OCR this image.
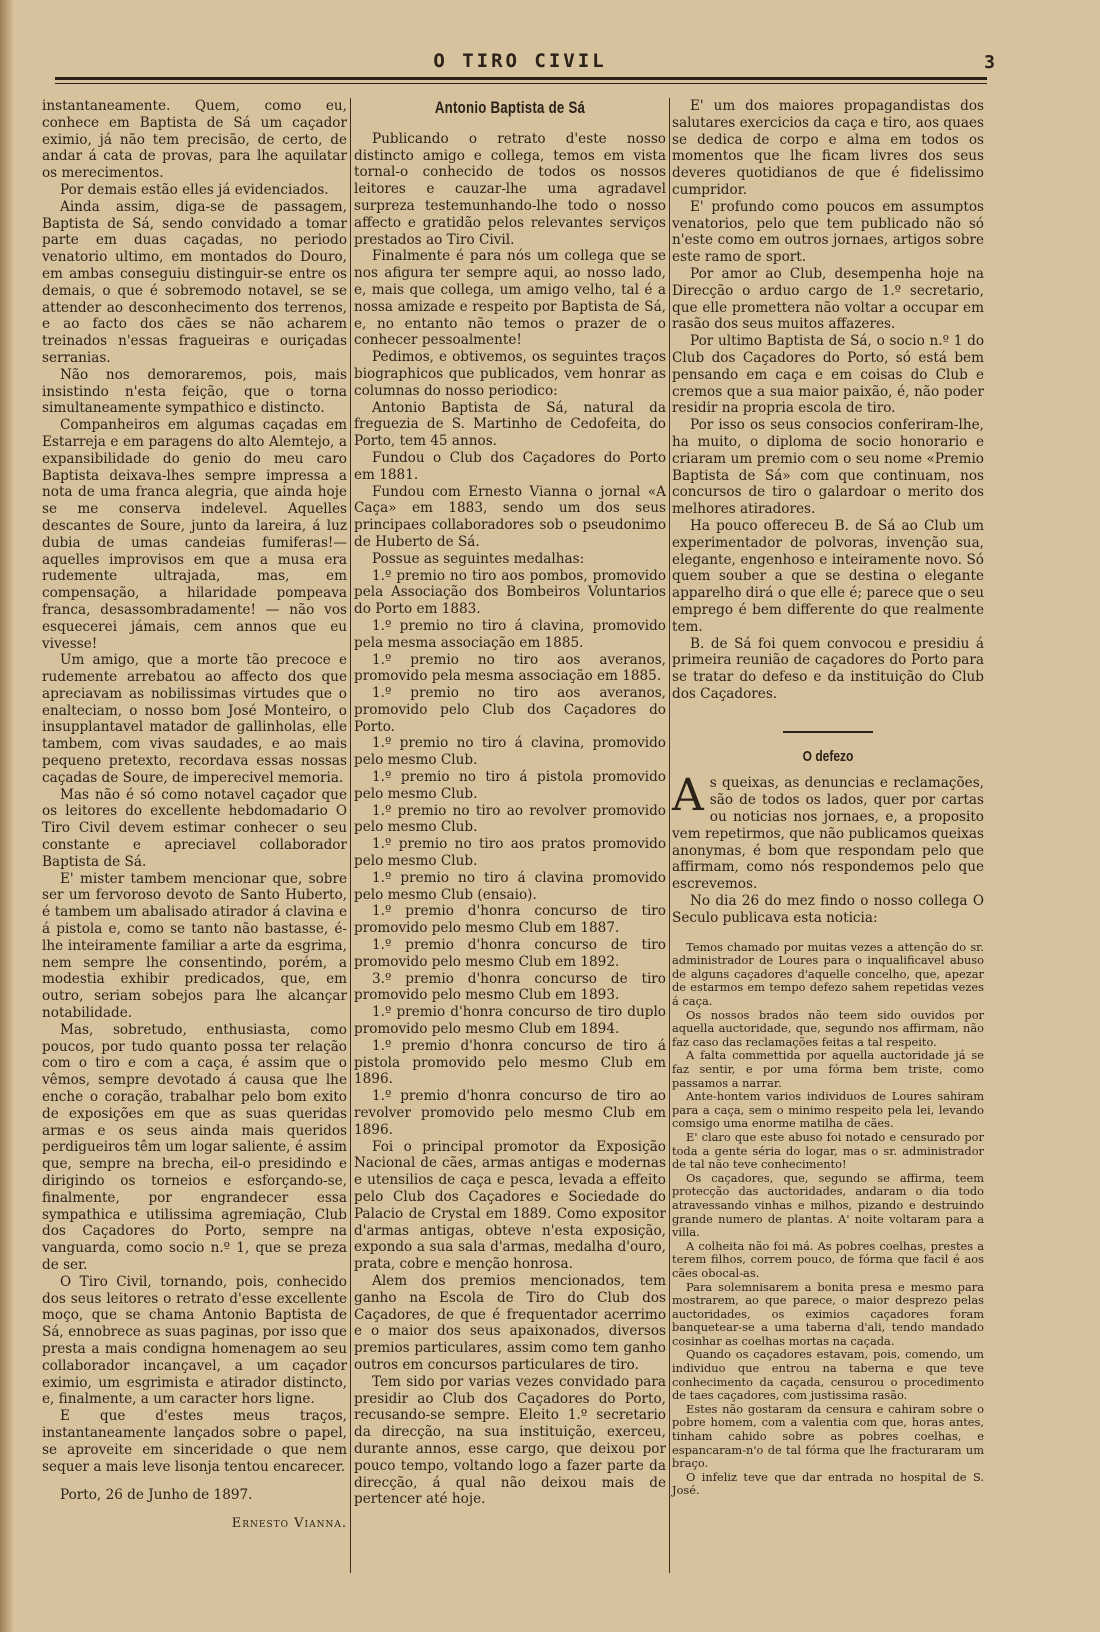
O TIRO CIVIL	3

instantaneamente. Quem, como eu, conhece em Baptista de Sá um caçador eximio, já não tem precisão, de certo, de andar á cata de provas, para lhe aquilatar os merecimentos.

Por demais estão elles já evidenciados.

Ainda assim, diga-se de passagem, Baptista de Sá, sendo convidado a tomar parte em duas caçadas, no periodo venatorio ultimo, em montados do Douro, em ambas conseguiu distinguir-se entre os demais, o que é sobremodo notavel, se se attender ao desconhecimento dos terrenos, e ao facto dos cães se não acharem treinados n'essas fragueiras e ouriçadas serranias.

Não nos demoraremos, pois, mais insistindo n'esta feição, que o torna simultaneamente sympathico e distincto.

Companheiros em algumas caçadas em Estarreja e em paragens do alto Alemtejo, a expansibilidade do genio do meu caro Baptista deixava-lhes sempre impressa a nota de uma franca alegria, que ainda hoje se me conserva indelevel. Aquelles descantes de Soure, junto da lareira, á luz dubia de umas candeias fumiferas!—aquelles improvisos em que a musa era rudemente ultrajada, mas, em compensação, a hilaridade pompeava franca, desassombradamente! — não vos esquecerei jámais, cem annos que eu vivesse!

Um amigo, que a morte tão precoce e rudemente arrebatou ao affecto dos que apreciavam as nobilissimas virtudes que o enalteciam, o nosso bom José Monteiro, o insupplantavel matador de gallinholas, elle tambem, com vivas saudades, e ao mais pequeno pretexto, recordava essas nossas caçadas de Soure, de imperecivel memoria.

Mas não é só como notavel caçador que os leitores do excellente hebdomadario O Tiro Civil devem estimar conhecer o seu constante e apreciavel collaborador Baptista de Sá.

E' mister tambem mencionar que, sobre ser um fervoroso devoto de Santo Huberto, é tambem um abalisado atirador á clavina e á pistola e, como se tanto não bastasse, é-lhe inteiramente familiar a arte da esgrima, nem sempre lhe consentindo, porém, a modestia exhibir predicados, que, em outro, seriam sobejos para lhe alcançar notabilidade.

Mas, sobretudo, enthusiasta, como poucos, por tudo quanto possa ter relação com o tiro e com a caça, é assim que o vêmos, sempre devotado á causa que lhe enche o coração, trabalhar pelo bom exito de exposições em que as suas queridas armas e os seus ainda mais queridos perdigueiros têm um logar saliente, é assim que, sempre na brecha, eil-o presidindo e dirigindo os torneios e esforçando-se, finalmente, por engrandecer essa sympathica e utilissima agremiação, Club dos Caçadores do Porto, sempre na vanguarda, como socio n.º 1, que se preza de ser.

O Tiro Civil, tornando, pois, conhecido dos seus leitores o retrato d'esse excellente moço, que se chama Antonio Baptista de Sá, ennobrece as suas paginas, por isso que presta a mais condigna homenagem ao seu collaborador incançavel, a um caçador eximio, um esgrimista e atirador distincto, e, finalmente, a um caracter hors ligne.

E que d'estes meus traços, instantaneamente lançados sobre o papel, se aproveite em sinceridade o que nem sequer a mais leve lisonja tentou encarecer.

Porto, 26 de Junho de 1897.

Ernesto Vianna.
Antonio Baptista de Sá

Publicando o retrato d'este nosso distincto amigo e collega, temos em vista tornal-o conhecido de todos os nossos leitores e cauzar-lhe uma agradavel surpreza testemunhando-lhe todo o nosso affecto e gratidão pelos relevantes serviços prestados ao Tiro Civil.

Finalmente é para nós um collega que se nos afigura ter sempre aqui, ao nosso lado, e, mais que collega, um amigo velho, tal é a nossa amizade e respeito por Baptista de Sá, e, no entanto não temos o prazer de o conhecer pessoalmente!

Pedimos, e obtivemos, os seguintes traços biographicos que publicados, vem honrar as columnas do nosso periodico:

Antonio Baptista de Sá, natural da freguezia de S. Martinho de Cedofeita, do Porto, tem 45 annos.

Fundou o Club dos Caçadores do Porto em 1881.

Fundou com Ernesto Vianna o jornal «A Caça» em 1883, sendo um dos seus principaes collaboradores sob o pseudonimo de Huberto de Sá.

Possue as seguintes medalhas:

1.º premio no tiro aos pombos, promovido pela Associação dos Bombeiros Voluntarios do Porto em 1883.

1.º premio no tiro á clavina, promovido pela mesma associação em 1885.

1.º premio no tiro aos averanos, promovido pela mesma associação em 1885.

1.º premio no tiro aos averanos, promovido pelo Club dos Caçadores do Porto.

1.º premio no tiro á clavina, promovido pelo mesmo Club.

1.º premio no tiro á pistola promovido pelo mesmo Club.

1.º premio no tiro ao revolver promovido pelo mesmo Club.

1.º premio no tiro aos pratos promovido pelo mesmo Club.

1.º premio no tiro á clavina promovido pelo mesmo Club (ensaio).

1.º premio d'honra concurso de tiro promovido pelo mesmo Club em 1887.

1.º premio d'honra concurso de tiro promovido pelo mesmo Club em 1892.

3.º premio d'honra concurso de tiro promovido pelo mesmo Club em 1893.

1.º premio d'honra concurso de tiro duplo promovido pelo mesmo Club em 1894.

1.º premio d'honra concurso de tiro á pistola promovido pelo mesmo Club em 1896.

1.º premio d'honra concurso de tiro ao revolver promovido pelo mesmo Club em 1896.

Foi o principal promotor da Exposição Nacional de cães, armas antigas e modernas e utensilios de caça e pesca, levada a effeito pelo Club dos Caçadores e Sociedade do Palacio de Crystal em 1889. Como expositor d'armas antigas, obteve n'esta exposição, expondo a sua sala d'armas, medalha d'ouro, prata, cobre e menção honrosa.

Alem dos premios mencionados, tem ganho na Escola de Tiro do Club dos Caçadores, de que é frequentador acerrimo e o maior dos seus apaixonados, diversos premios particulares, assim como tem ganho outros em concursos particulares de tiro.

Tem sido por varias vezes convidado para presidir ao Club dos Caçadores do Porto, recusando-se sempre. Eleito 1.º secretario da direcção, na sua instituição, exerceu, durante annos, esse cargo, que deixou por pouco tempo, voltando logo a fazer parte da direcção, á qual não deixou mais de pertencer até hoje.

E' um dos maiores propagandistas dos salutares exercicios da caça e tiro, aos quaes se dedica de corpo e alma em todos os momentos que lhe ficam livres dos seus deveres quotidianos de que é fidelissimo cumpridor.

E' profundo como poucos em assumptos venatorios, pelo que tem publicado não só n'este como em outros jornaes, artigos sobre este ramo de sport.

Por amor ao Club, desempenha hoje na Direcção o arduo cargo de 1.º secretario, que elle promettera não voltar a occupar em rasão dos seus muitos affazeres.

Por ultimo Baptista de Sá, o socio n.º 1 do Club dos Caçadores do Porto, só está bem pensando em caça e em coisas do Club e cremos que a sua maior paixão, é, não poder residir na propria escola de tiro.

Por isso os seus consocios conferiram-lhe, ha muito, o diploma de socio honorario e criaram um premio com o seu nome «Premio Baptista de Sá» com que continuam, nos concursos de tiro o galardoar o merito dos melhores atiradores.

Ha pouco offereceu B. de Sá ao Club um experimentador de polvoras, invenção sua, elegante, engenhoso e inteiramente novo. Só quem souber a que se destina o elegante apparelho dirá o que elle é; parece que o seu emprego é bem differente do que realmente tem.

B. de Sá foi quem convocou e presidiu á primeira reunião de caçadores do Porto para se tratar do defeso e da instituição do Club dos Caçadores.

O defezo

As queixas, as denuncias e reclamações, são de todos os lados, quer por cartas ou noticias nos jornaes, e, a proposito vem repetirmos, que não publicamos queixas anonymas, é bom que respondam pelo que affirmam, como nós respondemos pelo que escrevemos.

No dia 26 do mez findo o nosso collega O Seculo publicava esta noticia:

Temos chamado por muitas vezes a attenção do sr. administrador de Loures para o inqualificavel abuso de alguns caçadores d'aquelle concelho, que, apezar de estarmos em tempo defezo sahem repetidas vezes á caça.

Os nossos brados não teem sido ouvidos por aquella auctoridade, que, segundo nos affirmam, não faz caso das reclamações feitas a tal respeito.

A falta commettida por aquella auctoridade já se faz sentir, e por uma fórma bem triste, como passamos a narrar.

Ante-hontem varios individuos de Loures sahiram para a caça, sem o minimo respeito pela lei, levando comsigo uma enorme matilha de cães.

E' claro que este abuso foi notado e censurado por toda a gente séria do logar, mas o sr. administrador de tal não teve conhecimento!

Os caçadores, que, segundo se affirma, teem protecção das auctoridades, andaram o dia todo atravessando vinhas e milhos, pizando e destruindo grande numero de plantas. A' noite voltaram para a villa.

A colheita não foi má. As pobres coelhas, prestes a terem filhos, correm pouco, de fórma que facil é aos cães obocal-as.

Para solemnisarem a bonita presa e mesmo para mostrarem, ao que parece, o maior desprezo pelas auctoridades, os eximios caçadores foram banquetear-se a uma taberna d'ali, tendo mandado cosinhar as coelhas mortas na caçada.

Quando os caçadores estavam, pois, comendo, um individuo que entrou na taberna e que teve conhecimento da caçada, censurou o procedimento de taes caçadores, com justissima rasão.

Estes não gostaram da censura e cahiram sobre o pobre homem, com a valentia com que, horas antes, tinham cahido sobre as pobres coelhas, e espancaram-n'o de tal fórma que lhe fracturaram um braço.

O infeliz teve que dar entrada no hospital de S. José.
